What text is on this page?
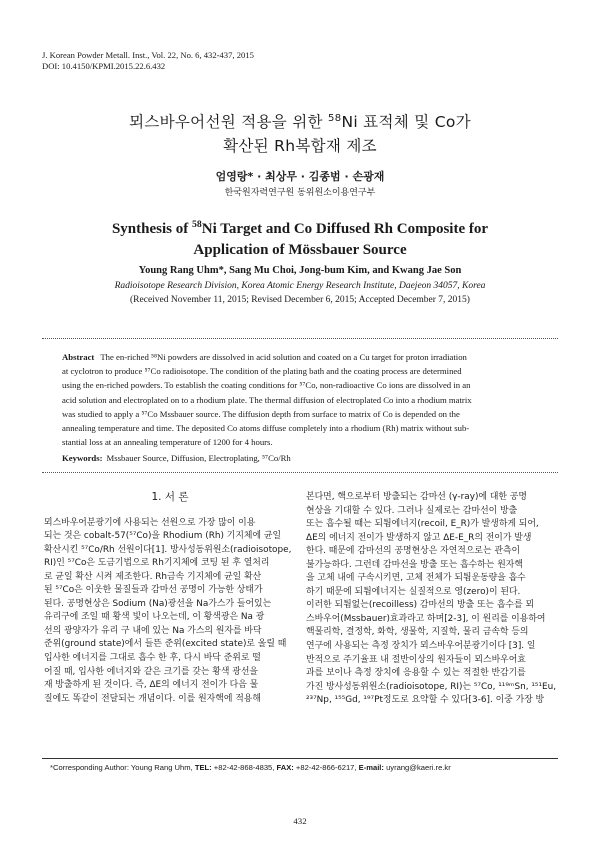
J. Korean Powder Metall. Inst., Vol. 22, No. 6, 432-437, 2015
DOI: 10.4150/KPMI.2015.22.6.432
뫼스바우어선원 적용을 위한 $^{58}$Ni 표적체 및 Co가
확산된 Rh복합재 제조
엄영랑* · 최상무 · 김종범 · 손광재
한국원자력연구원 동위원소이용연구부
Synthesis of $^{58}$Ni Target and Co Diffused Rh Composite for
Application of Mössbauer Source
Young Rang Uhm*, Sang Mu Choi, Jong-bum Kim, and Kwang Jae Son
Radioisotope Research Division, Korea Atomic Energy Research Institute, Daejeon 34057, Korea
(Received November 11, 2015; Revised December 6, 2015; Accepted December 7, 2015)
Abstract The en-riched ⁵⁸Ni powders are dissolved in acid solution and coated on a Cu target for proton irradiation
at cyclotron to produce ⁵⁷Co radioisotope. The condition of the plating bath and the coating process are determined
using the en-riched powders. To establish the coating conditions for ⁵⁷Co, non-radioactive Co ions are dissolved in an
acid solution and electroplated on to a rhodium plate. The thermal diffusion of electroplated Co into a rhodium matrix
was studied to apply a ⁵⁷Co Mssbauer source. The diffusion depth from surface to matrix of Co is depended on the
annealing temperature and time. The deposited Co atoms diffuse completely into a rhodium (Rh) matrix without sub-
stantial loss at an annealing temperature of 1200 for 4 hours.
Keywords: Mssbauer Source, Diffusion, Electroplating, ⁵⁷Co/Rh
1. 서 론
뫼스바우어분광기에 사용되는 선원으로 가장 많이 이용
되는 것은 cobalt-57(⁵⁷Co)을 Rhodium (Rh) 기지체에 균일
확산시킨 ⁵⁷Co/Rh 선원이다[1]. 방사성동위원소(radioisotope,
RI)인 ⁵⁷Co은 도금기법으로 Rh기지체에 코팅 된 후 열처리
로 균일 확산 시켜 제조한다. Rh금속 기지체에 균일 확산
된 ⁵⁷Co은 이웃한 물질들과 감마선 공명이 가능한 상태가
된다. 공명현상은 Sodium (Na)광선을 Na가스가 들어있는
유리구에 조일 때 황색 빛이 나오는데, 이 황색광은 Na 광
선의 광양자가 유리 구 내에 있는 Na 가스의 원자를 바닥
준위(ground state)에서 들뜬 준위(excited state)로 올릴 때
입사한 에너지를 그대로 흡수 한 후, 다시 바닥 준위로 떨
어질 때, 입사한 에너지와 같은 크기를 갖는 황색 광선을
재 방출하게 된 것이다. 즉, ΔE의 에너지 전이가 다음 물
질에도 똑같이 전달되는 개념이다. 이를 원자핵에 적용해
본다면, 핵으로부터 방출되는 감마선 (γ-ray)에 대한 공명
현상을 기대할 수 있다. 그러나 실제로는 감마선이 방출
또는 흡수될 때는 되튐에너지(recoil, E_R)가 발생하게 되어,
ΔE의 에너지 전이가 발생하지 않고 ΔE-E_R의 전이가 발생
한다. 때문에 감마선의 공명현상은 자연적으로는 관측이
불가능하다. 그런데 감마선을 방출 또는 흡수하는 원자핵
을 고체 내에 구속시키면, 고체 전체가 되튐운동량을 흡수
하기 때문에 되튐에너지는 실질적으로 영(zero)이 된다.
이러한 되튐없는(recoilless) 감마선의 방출 또는 흡수를 뫼
스바우어(Mssbauer)효과라고 하며[2-3], 이 원리를 이용하여
핵물리학, 결정학, 화학, 생물학, 지질학, 물리 금속학 등의
연구에 사용되는 측정 장치가 뫼스바우어분광기이다 [3]. 일
반적으로 주기율표 내 절반이상의 원자들이 뫼스바우어효
과를 보이나 측정 장치에 응용할 수 있는 적절한 반감기를
가진 방사성동위원소(radioisotope, RI)는 ⁵⁷Co, ¹¹⁹ᵐSn, ¹⁵¹Eu,
²³⁷Np, ¹⁵⁵Gd, ¹⁹⁷Pt정도로 요약할 수 있다[3-6]. 이중 가장 방
*Corresponding Author: Young Rang Uhm, TEL: +82-42-868-4835, FAX: +82-42-866-6217, E-mail: uyrang@kaeri.re.kr
432
